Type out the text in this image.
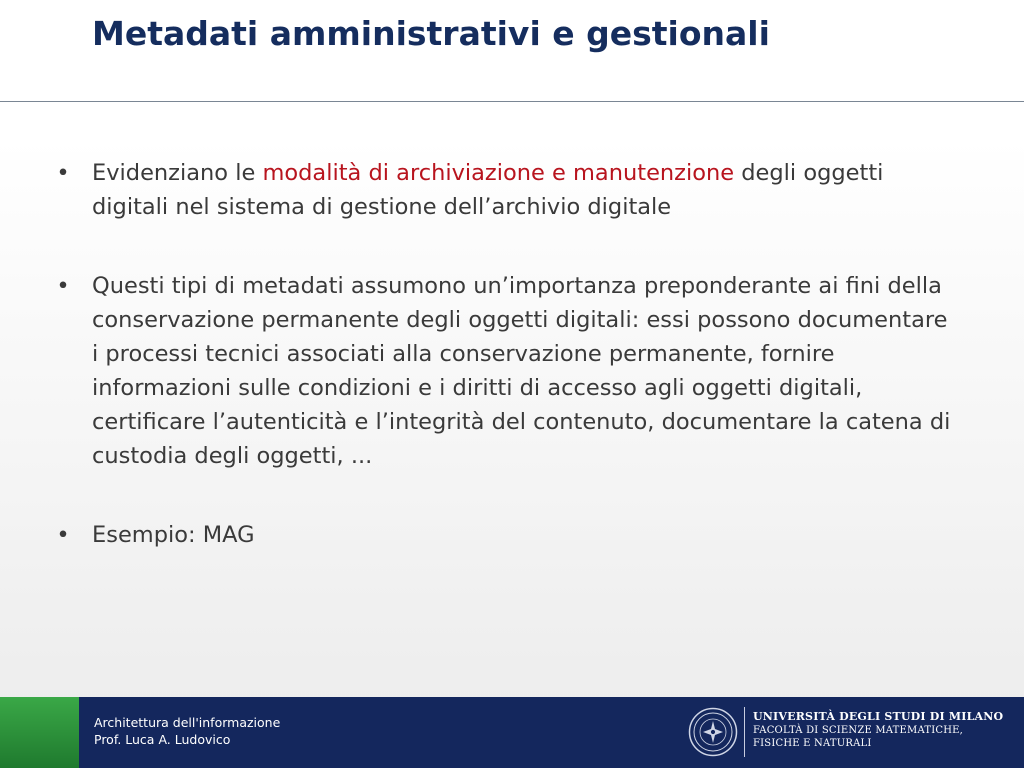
Metadati amministrativi e gestionali
• Evidenziano le modalità di archiviazione e manutenzione degli oggetti digitali nel sistema di gestione dell’archivio digitale
• Questi tipi di metadati assumono un’importanza preponderante ai fini della conservazione permanente degli oggetti digitali: essi possono documentare i processi tecnici associati alla conservazione permanente, fornire informazioni sulle condizioni e i diritti di accesso agli oggetti digitali, certificare l’autenticità e l’integrità del contenuto, documentare la catena di custodia degli oggetti, ...
• Esempio: MAG
Architettura dell'informazione
Prof. Luca A. Ludovico
UNIVERSITÀ DEGLI STUDI DI MILANO
FACOLTÀ DI SCIENZE MATEMATICHE,
FISICHE E NATURALI
